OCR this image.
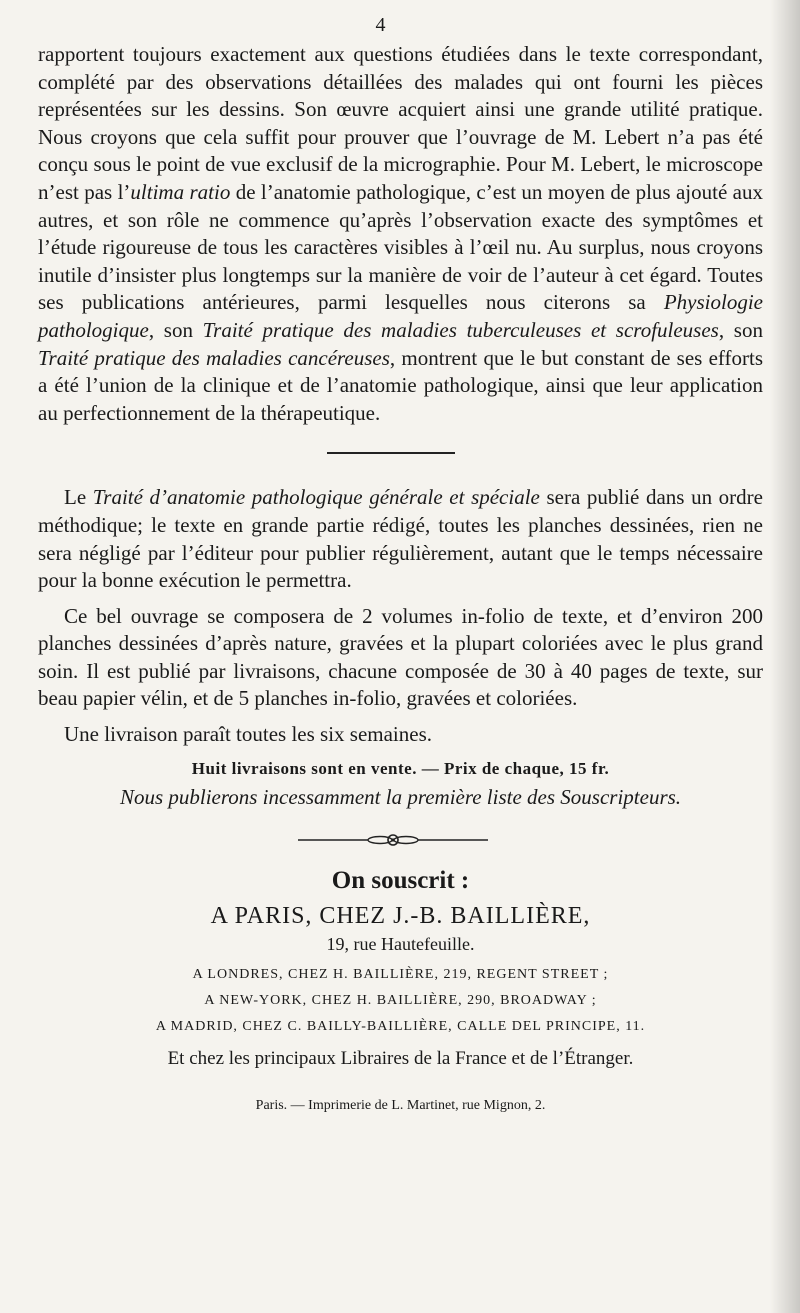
4

rapportent toujours exactement aux questions étudiées dans le texte correspondant, complété par des observations détaillées des malades qui ont fourni les pièces représentées sur les dessins. Son œuvre acquiert ainsi une grande utilité pratique. Nous croyons que cela suffit pour prouver que l’ouvrage de M. Lebert n’a pas été conçu sous le point de vue exclusif de la micrographie. Pour M. Lebert, le microscope n’est pas l’ultima ratio de l’anatomie pathologique, c’est un moyen de plus ajouté aux autres, et son rôle ne commence qu’après l’observation exacte des symptômes et l’étude rigoureuse de tous les caractères visibles à l’œil nu. Au surplus, nous croyons inutile d’insister plus longtemps sur la manière de voir de l’auteur à cet égard. Toutes ses publications antérieures, parmi lesquelles nous citerons sa Physiologie pathologique, son Traité pratique des maladies tuberculeuses et scrofuleuses, son Traité pratique des maladies cancéreuses, montrent que le but constant de ses efforts a été l’union de la clinique et de l’anatomie pathologique, ainsi que leur application au perfectionnement de la thérapeutique.

Le Traité d’anatomie pathologique générale et spéciale sera publié dans un ordre méthodique; le texte en grande partie rédigé, toutes les planches dessinées, rien ne sera négligé par l’éditeur pour publier régulièrement, autant que le temps nécessaire pour la bonne exécution le permettra.

Ce bel ouvrage se composera de 2 volumes in-folio de texte, et d’environ 200 planches dessinées d’après nature, gravées et la plupart coloriées avec le plus grand soin. Il est publié par livraisons, chacune composée de 30 à 40 pages de texte, sur beau papier vélin, et de 5 planches in-folio, gravées et coloriées.

Une livraison paraît toutes les six semaines.

Huit livraisons sont en vente. — Prix de chaque, 15 fr.

Nous publierons incessamment la première liste des Souscripteurs.

On souscrit :

A PARIS, CHEZ J.-B. BAILLIÈRE,

19, rue Hautefeuille.

A LONDRES, CHEZ H. BAILLIÈRE, 219, REGENT STREET ;

A NEW-YORK, CHEZ H. BAILLIÈRE, 290, BROADWAY ;

A MADRID, CHEZ C. BAILLY-BAILLIÈRE, CALLE DEL PRINCIPE, 11.

Et chez les principaux Libraires de la France et de l’Étranger.

Paris. — Imprimerie de L. Martinet, rue Mignon, 2.
